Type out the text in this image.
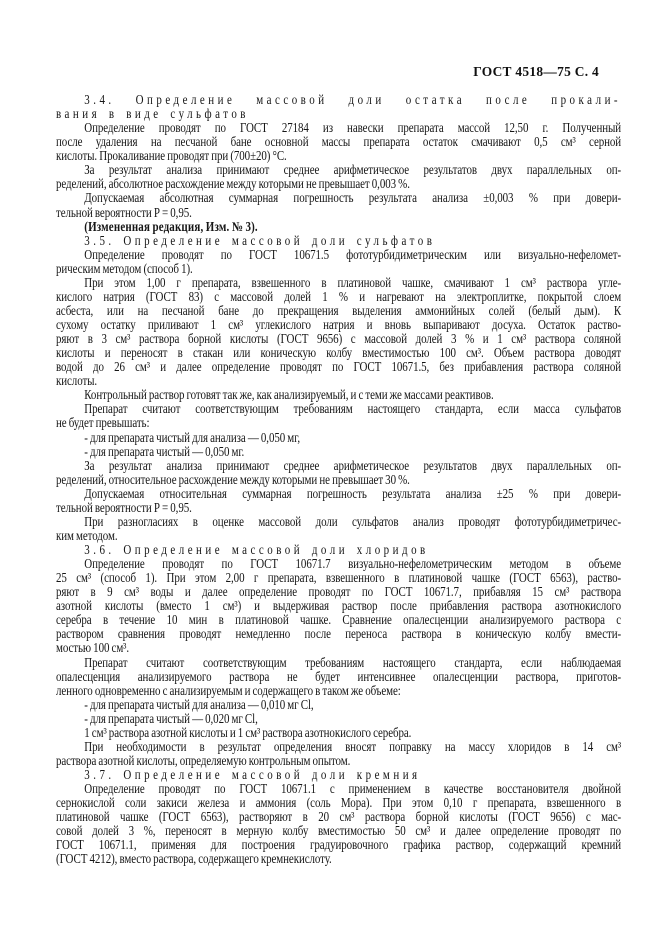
ГОСТ 4518—75 С. 4
3.4. Определение массовой доли остатка после прокали-
вания в виде сульфатов
Определение проводят по ГОСТ 27184 из навески препарата массой 12,50 г. Полученный
после удаления на песчаной бане основной массы препарата остаток смачивают 0,5 см³ серной
кислоты. Прокаливание проводят при (700±20) °С.
За результат анализа принимают среднее арифметическое результатов двух параллельных оп-
ределений, абсолютное расхождение между которыми не превышает 0,003 %.
Допускаемая абсолютная суммарная погрешность результата анализа ±0,003 % при довери-
тельной вероятности Р = 0,95.
(Измененная редакция, Изм. № 3).
3.5. Определение массовой доли сульфатов
Определение проводят по ГОСТ 10671.5 фототурбидиметрическим или визуально-нефеломет-
рическим методом (способ 1).
При этом 1,00 г препарата, взвешенного в платиновой чашке, смачивают 1 см³ раствора угле-
кислого натрия (ГОСТ 83) с массовой долей 1 % и нагревают на электроплитке, покрытой слоем
асбеста, или на песчаной бане до прекращения выделения аммонийных солей (белый дым). К
сухому остатку приливают 1 см³ углекислого натрия и вновь выпаривают досуха. Остаток раство-
ряют в 3 см³ раствора борной кислоты (ГОСТ 9656) с массовой долей 3 % и 1 см³ раствора соляной
кислоты и переносят в стакан или коническую колбу вместимостью 100 см³. Объем раствора доводят
водой до 26 см³ и далее определение проводят по ГОСТ 10671.5, без прибавления раствора соляной
кислоты.
Контрольный раствор готовят так же, как анализируемый, и с теми же массами реактивов.
Препарат считают соответствующим требованиям настоящего стандарта, если масса сульфатов
не будет превышать:
- для препарата чистый для анализа — 0,050 мг,
- для препарата чистый — 0,050 мг.
За результат анализа принимают среднее арифметическое результатов двух параллельных оп-
ределений, относительное расхождение между которыми не превышает 30 %.
Допускаемая относительная суммарная погрешность результата анализа ±25 % при довери-
тельной вероятности Р = 0,95.
При разногласиях в оценке массовой доли сульфатов анализ проводят фототурбидиметричес-
ким методом.
3.6. Определение массовой доли хлоридов
Определение проводят по ГОСТ 10671.7 визуально-нефелометрическим методом в объеме
25 см³ (способ 1). При этом 2,00 г препарата, взвешенного в платиновой чашке (ГОСТ 6563), раство-
ряют в 9 см³ воды и далее определение проводят по ГОСТ 10671.7, прибавляя 15 см³ раствора
азотной кислоты (вместо 1 см³) и выдерживая раствор после прибавления раствора азотнокислого
серебра в течение 10 мин в платиновой чашке. Сравнение опалесценции анализируемого раствора с
раствором сравнения проводят немедленно после переноса раствора в коническую колбу вмести-
мостью 100 см³.
Препарат считают соответствующим требованиям настоящего стандарта, если наблюдаемая
опалесценция анализируемого раствора не будет интенсивнее опалесценции раствора, приготов-
ленного одновременно с анализируемым и содержащего в таком же объеме:
- для препарата чистый для анализа — 0,010 мг Cl,
- для препарата чистый — 0,020 мг Cl,
1 см³ раствора азотной кислоты и 1 см³ раствора азотнокислого серебра.
При необходимости в результат определения вносят поправку на массу хлоридов в 14 см³
раствора азотной кислоты, определяемую контрольным опытом.
3.7. Определение массовой доли кремния
Определение проводят по ГОСТ 10671.1 с применением в качестве восстановителя двойной
сернокислой соли закиси железа и аммония (соль Мора). При этом 0,10 г препарата, взвешенного в
платиновой чашке (ГОСТ 6563), растворяют в 20 см³ раствора борной кислоты (ГОСТ 9656) с мас-
совой долей 3 %, переносят в мерную колбу вместимостью 50 см³ и далее определение проводят по
ГОСТ 10671.1, применяя для построения градуировочного графика раствор, содержащий кремний
(ГОСТ 4212), вместо раствора, содержащего кремнекислоту.
